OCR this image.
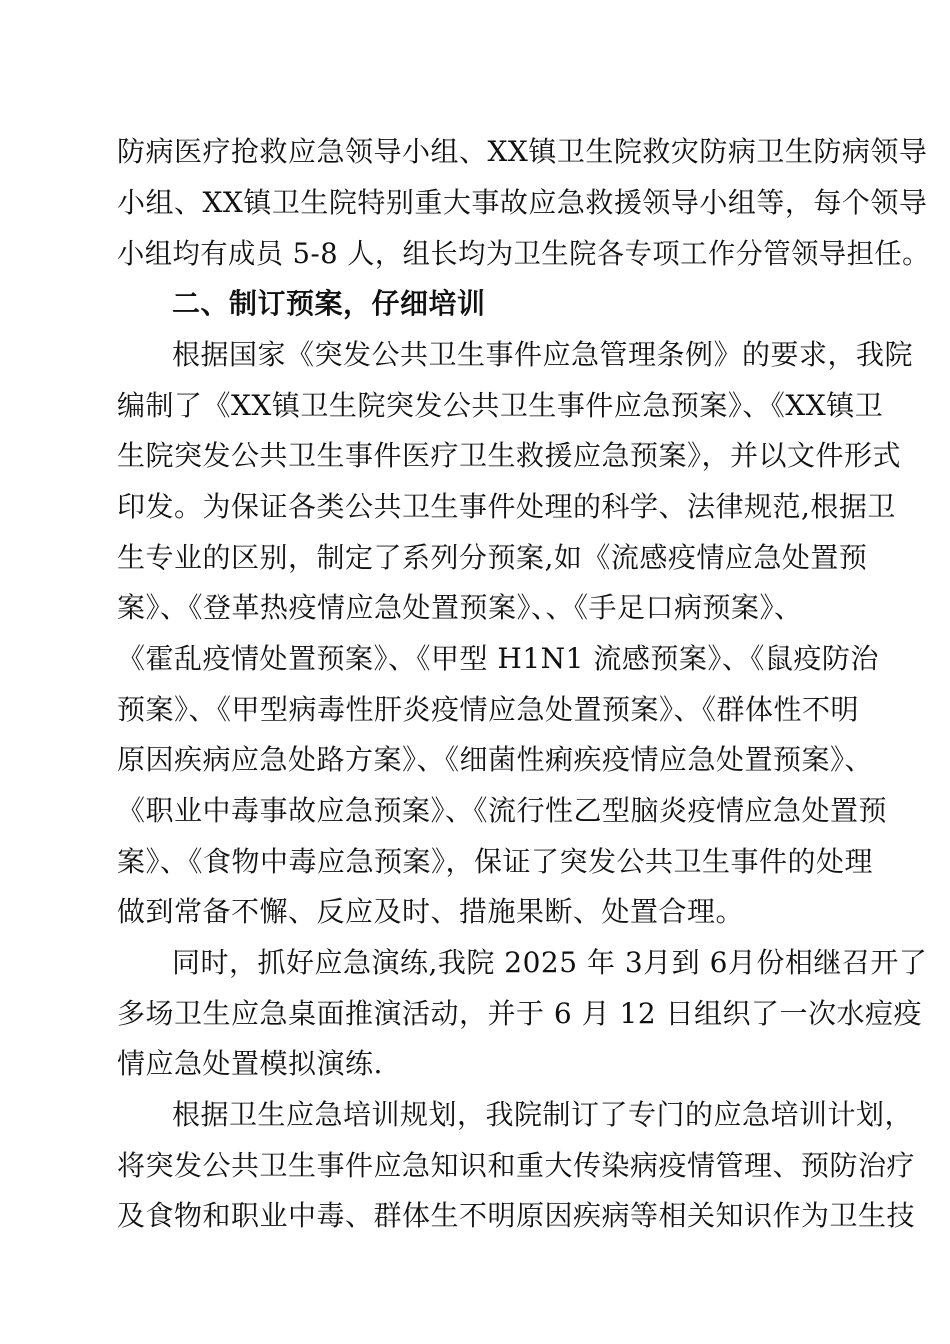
防病医疗抢救应急领导小组、XX镇卫生院救灾防病卫生防病领导
小组、XX镇卫生院特别重大事故应急救援领导小组等，每个领导
小组均有成员 5-8 人，组长均为卫生院各专项工作分管领导担任。
二、制订预案，仔细培训
根据国家《突发公共卫生事件应急管理条例》的要求，我院
编制了《XX镇卫生院突发公共卫生事件应急预案》、《XX镇卫
生院突发公共卫生事件医疗卫生救援应急预案》，并以文件形式
印发。为保证各类公共卫生事件处理的科学、法律规范,根据卫
生专业的区别，制定了系列分预案,如《流感疫情应急处置预
案》、《登革热疫情应急处置预案》、、《手足口病预案》、
《霍乱疫情处置预案》、《甲型 H1N1 流感预案》、《鼠疫防治
预案》、《甲型病毒性肝炎疫情应急处置预案》、《群体性不明
原因疾病应急处路方案》、《细菌性痢疾疫情应急处置预案》、
《职业中毒事故应急预案》、《流行性乙型脑炎疫情应急处置预
案》、《食物中毒应急预案》，保证了突发公共卫生事件的处理
做到常备不懈、反应及时、措施果断、处置合理。
同时，抓好应急演练,我院 2025 年 3月到 6月份相继召开了
多场卫生应急桌面推演活动，并于 6 月 12 日组织了一次水痘疫
情应急处置模拟演练.
根据卫生应急培训规划，我院制订了专门的应急培训计划，
将突发公共卫生事件应急知识和重大传染病疫情管理、预防治疗
及食物和职业中毒、群体生不明原因疾病等相关知识作为卫生技
